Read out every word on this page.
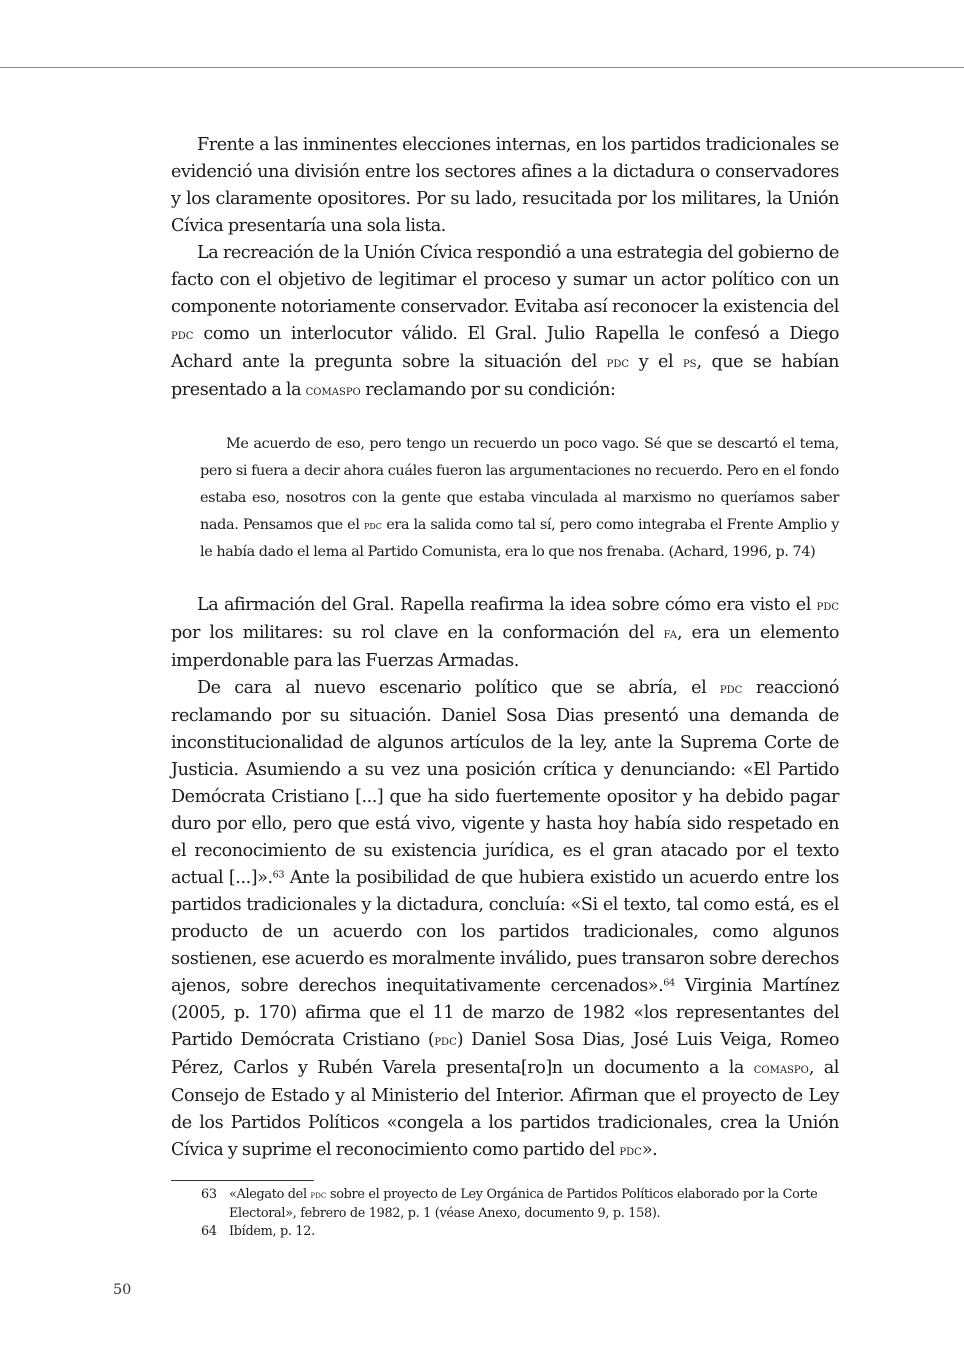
Frente a las inminentes elecciones internas, en los partidos tradicionales se evidenció una división entre los sectores afines a la dictadura o conservadores y los claramente opositores. Por su lado, resucitada por los militares, la Unión Cívica presentaría una sola lista.

La recreación de la Unión Cívica respondió a una estrategia del gobierno de facto con el objetivo de legitimar el proceso y sumar un actor político con un componente notoriamente conservador. Evitaba así reconocer la existencia del pdc como un interlocutor válido. El Gral. Julio Rapella le confesó a Diego Achard ante la pregunta sobre la situación del pdc y el ps, que se habían presentado a la comaspo reclamando por su condición:

Me acuerdo de eso, pero tengo un recuerdo un poco vago. Sé que se descartó el tema, pero si fuera a decir ahora cuáles fueron las argumentaciones no recuerdo. Pero en el fondo estaba eso, nosotros con la gente que estaba vinculada al marxismo no queríamos saber nada. Pensamos que el pdc era la salida como tal sí, pero como integraba el Frente Amplio y le había dado el lema al Partido Comunista, era lo que nos frenaba. (Achard, 1996, p. 74)

La afirmación del Gral. Rapella reafirma la idea sobre cómo era visto el pdc por los militares: su rol clave en la conformación del fa, era un elemento imperdonable para las Fuerzas Armadas.

De cara al nuevo escenario político que se abría, el pdc reaccionó reclamando por su situación. Daniel Sosa Dias presentó una demanda de inconstitucionalidad de algunos artículos de la ley, ante la Suprema Corte de Justicia. Asumiendo a su vez una posición crítica y denunciando: «El Partido Demócrata Cristiano [...] que ha sido fuertemente opositor y ha debido pagar duro por ello, pero que está vivo, vigente y hasta hoy había sido respetado en el reconocimiento de su existencia jurídica, es el gran atacado por el texto actual [...]».$^{63}$ Ante la posibilidad de que hubiera existido un acuerdo entre los partidos tradicionales y la dictadura, concluía: «Si el texto, tal como está, es el producto de un acuerdo con los partidos tradicionales, como algunos sostienen, ese acuerdo es moralmente inválido, pues transaron sobre derechos ajenos, sobre derechos inequitativamente cercenados».$^{64}$ Virginia Martínez (2005, p. 170) afirma que el 11 de marzo de 1982 «los representantes del Partido Demócrata Cristiano (pdc) Daniel Sosa Dias, José Luis Veiga, Romeo Pérez, Carlos y Rubén Varela presenta[ro]n un documento a la comaspo, al Consejo de Estado y al Ministerio del Interior. Afirman que el proyecto de Ley de los Partidos Políticos «congela a los partidos tradicionales, crea la Unión Cívica y suprime el reconocimiento como partido del pdc».

63 «Alegato del pdc sobre el proyecto de Ley Orgánica de Partidos Políticos elaborado por la Corte Electoral», febrero de 1982, p. 1 (véase Anexo, documento 9, p. 158).
64 Ibídem, p. 12.
50
